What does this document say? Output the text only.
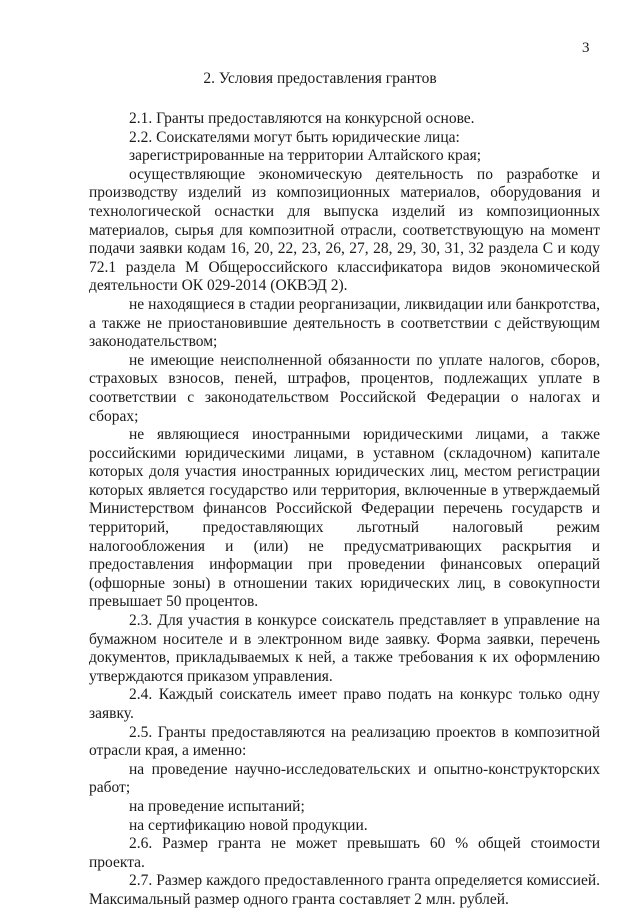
3
2. Условия предоставления грантов

2.1. Гранты предоставляются на конкурсной основе.

2.2. Соискателями могут быть юридические лица:

зарегистрированные на территории Алтайского края;

осуществляющие экономическую деятельность по разработке и производству изделий из композиционных материалов, оборудования и технологической оснастки для выпуска изделий из композиционных материалов, сырья для композитной отрасли, соответствующую на момент подачи заявки кодам 16, 20, 22, 23, 26, 27, 28, 29, 30, 31, 32 раздела С и коду 72.1 раздела М Общероссийского классификатора видов экономической деятельности ОК 029-2014 (ОКВЭД 2).

не находящиеся в стадии реорганизации, ликвидации или банкротства, а также не приостановившие деятельность в соответствии с действующим законодательством;

не имеющие неисполненной обязанности по уплате налогов, сборов, страховых взносов, пеней, штрафов, процентов, подлежащих уплате в соответствии с законодательством Российской Федерации о налогах и сборах;

не являющиеся иностранными юридическими лицами, а также российскими юридическими лицами, в уставном (складочном) капитале которых доля участия иностранных юридических лиц, местом регистрации которых является государство или территория, включенные в утверждаемый Министерством финансов Российской Федерации перечень государств и территорий, предоставляющих льготный налоговый режим налогообложения и (или) не предусматривающих раскрытия и предоставления информации при проведении финансовых операций (офшорные зоны) в отношении таких юридических лиц, в совокупности превышает 50 процентов.

2.3. Для участия в конкурсе соискатель представляет в управление на бумажном носителе и в электронном виде заявку. Форма заявки, перечень документов, прикладываемых к ней, а также требования к их оформлению утверждаются приказом управления.

2.4. Каждый соискатель имеет право подать на конкурс только одну заявку.

2.5. Гранты предоставляются на реализацию проектов в композитной отрасли края, а именно:

на проведение научно-исследовательских и опытно-конструкторских работ;

на проведение испытаний;

на сертификацию новой продукции.

2.6. Размер гранта не может превышать 60 % общей стоимости проекта.

2.7. Размер каждого предоставленного гранта определяется комиссией. Максимальный размер одного гранта составляет 2 млн. рублей.
